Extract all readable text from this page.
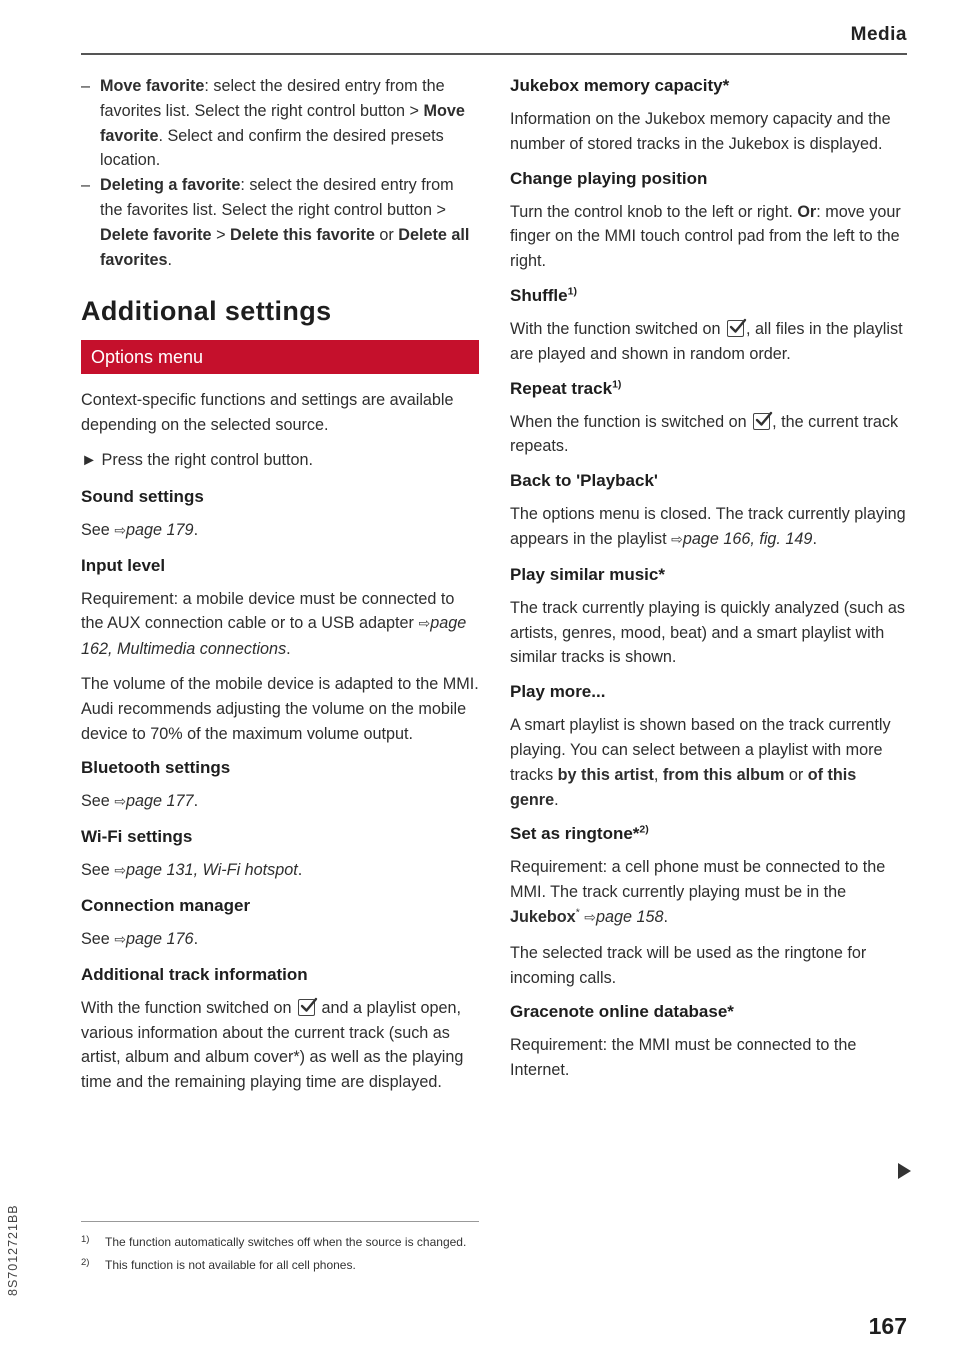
Media
– Move favorite: select the desired entry from the favorites list. Select the right control button > Move favorite. Select and confirm the desired presets location.
– Deleting a favorite: select the desired entry from the favorites list. Select the right control button > Delete favorite > Delete this favorite or Delete all favorites.
Additional settings
Options menu

Context-specific functions and settings are available depending on the selected source.

► Press the right control button.

Sound settings

See ⇨page 179.

Input level

Requirement: a mobile device must be connected to the AUX connection cable or to a USB adapter ⇨page 162, Multimedia connections.

The volume of the mobile device is adapted to the MMI. Audi recommends adjusting the volume on the mobile device to 70% of the maximum volume output.

Bluetooth settings

See ⇨page 177.

Wi-Fi settings

See ⇨page 131, Wi-Fi hotspot.

Connection manager

See ⇨page 176.

Additional track information

With the function switched on
and a playlist open, various information about the current track (such as artist, album and album cover*) as well as the playing time and the remaining playing time are displayed.

Jukebox memory capacity*

Information on the Jukebox memory capacity and the number of stored tracks in the Jukebox is displayed.

Change playing position

Turn the control knob to the left or right. Or: move your finger on the MMI touch control pad from the left to the right.

Shuffle$^{1)}$

With the function switched on
, all files in the playlist are played and shown in random order.

Repeat track$^{1)}$

When the function is switched on
, the current track repeats.

Back to 'Playback'

The options menu is closed. The track currently playing appears in the playlist ⇨page 166, fig. 149.

Play similar music*

The track currently playing is quickly analyzed (such as artists, genres, mood, beat) and a smart playlist with similar tracks is shown.

Play more...

A smart playlist is shown based on the track currently playing. You can select between a playlist with more tracks by this artist, from this album or of this genre.

Set as ringtone*$^{2)}$

Requirement: a cell phone must be connected to the MMI. The track currently playing must be in the Jukebox* ⇨page 158.

The selected track will be used as the ringtone for incoming calls.

Gracenote online database*

Requirement: the MMI must be connected to the Internet.

1) The function automatically switches off when the source is changed.
2) This function is not available for all cell phones.
8S7012721BB
167
